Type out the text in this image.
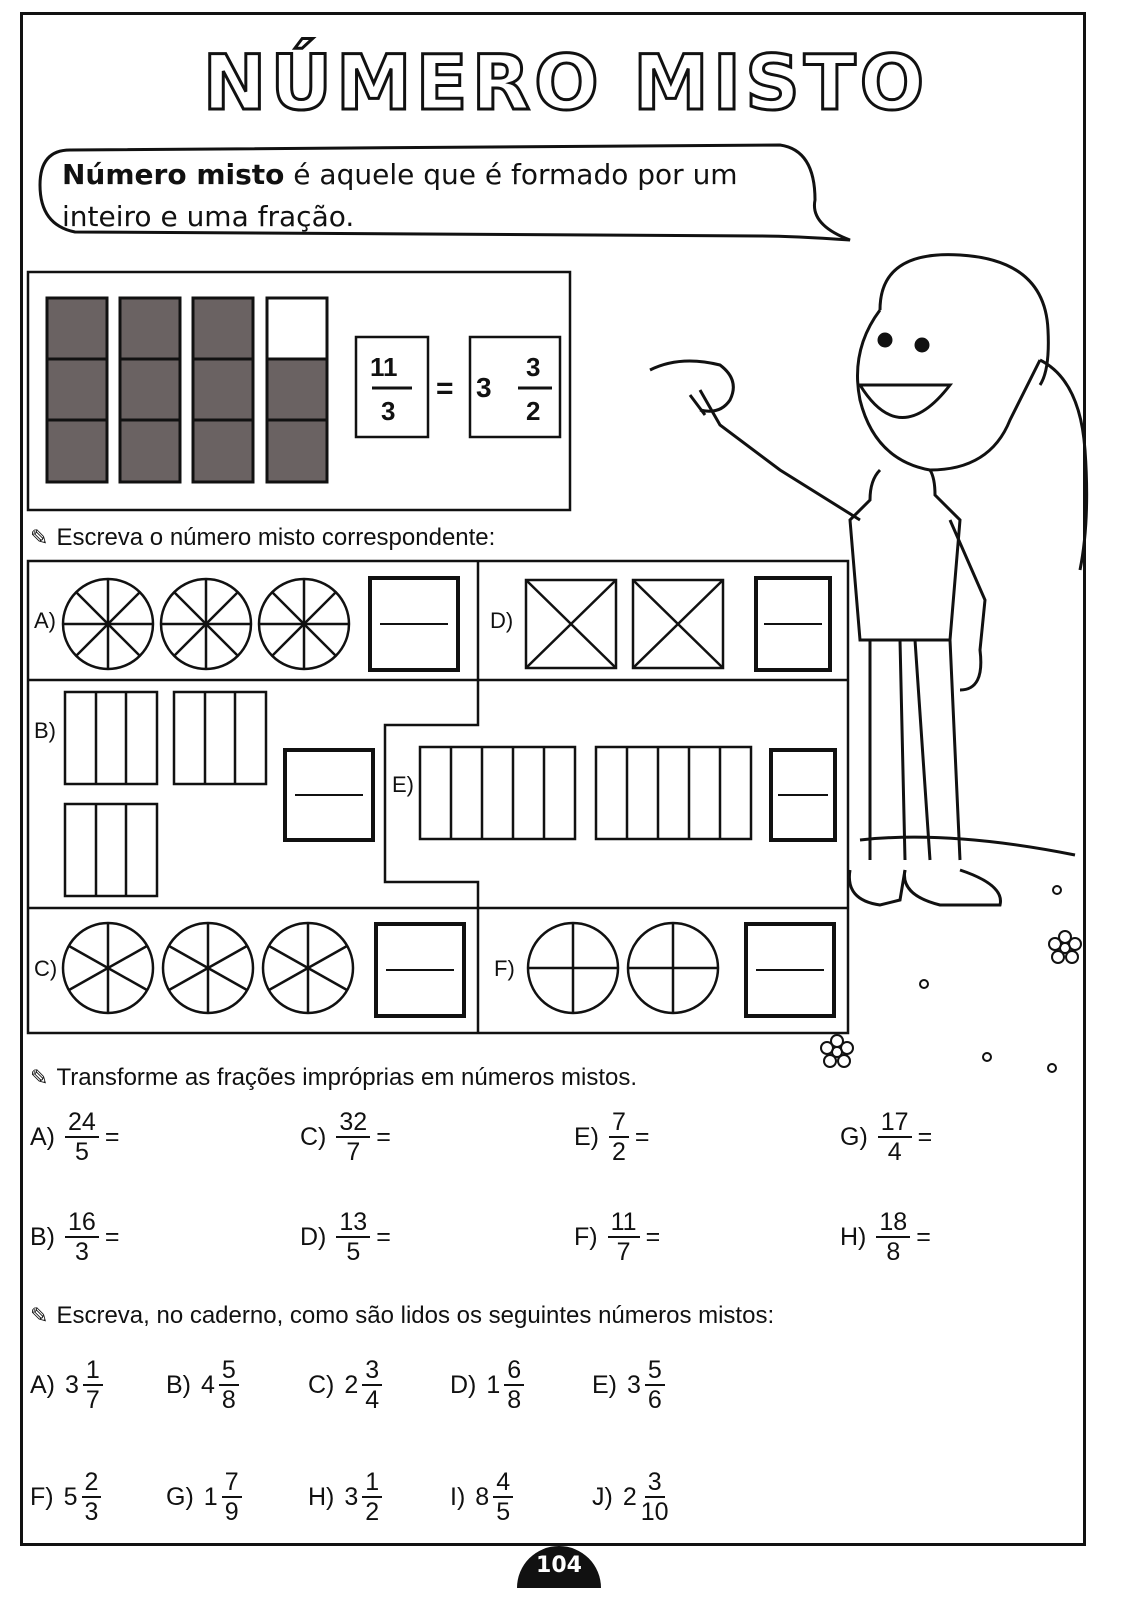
NÚMERO MISTO
Número misto é aquele que é formado por um inteiro e uma fração.
11
3
= 3
3
2
✎ Escreva o número misto correspondente:
A)
B)
C)
D)
E)
F)
✎ Transforme as frações impróprias em números mistos.
$A) \frac{24}{5}$ =	$C) \frac{32}{7}$ =	$E) \frac{7}{2}$ =	$G) \frac{17}{4}$ =
$B) \frac{16}{3}$ =	$D) \frac{13}{5}$ =	$F) \frac{11}{7}$ =	$H) \frac{18}{8}$ =
✎ Escreva, no caderno, como são lidos os seguintes números mistos:
A) $3 \frac{1}{7}$	B) $4 \frac{5}{8}$	C) $2 \frac{3}{4}$	D) $1 \frac{6}{8}$	E) $3 \frac{5}{6}$
F) $5 \frac{2}{3}$	G) $1 \frac{7}{9}$	H) $3 \frac{1}{2}$	I) $8 \frac{4}{5}$	J) $2 \frac{3}{10}$
104
